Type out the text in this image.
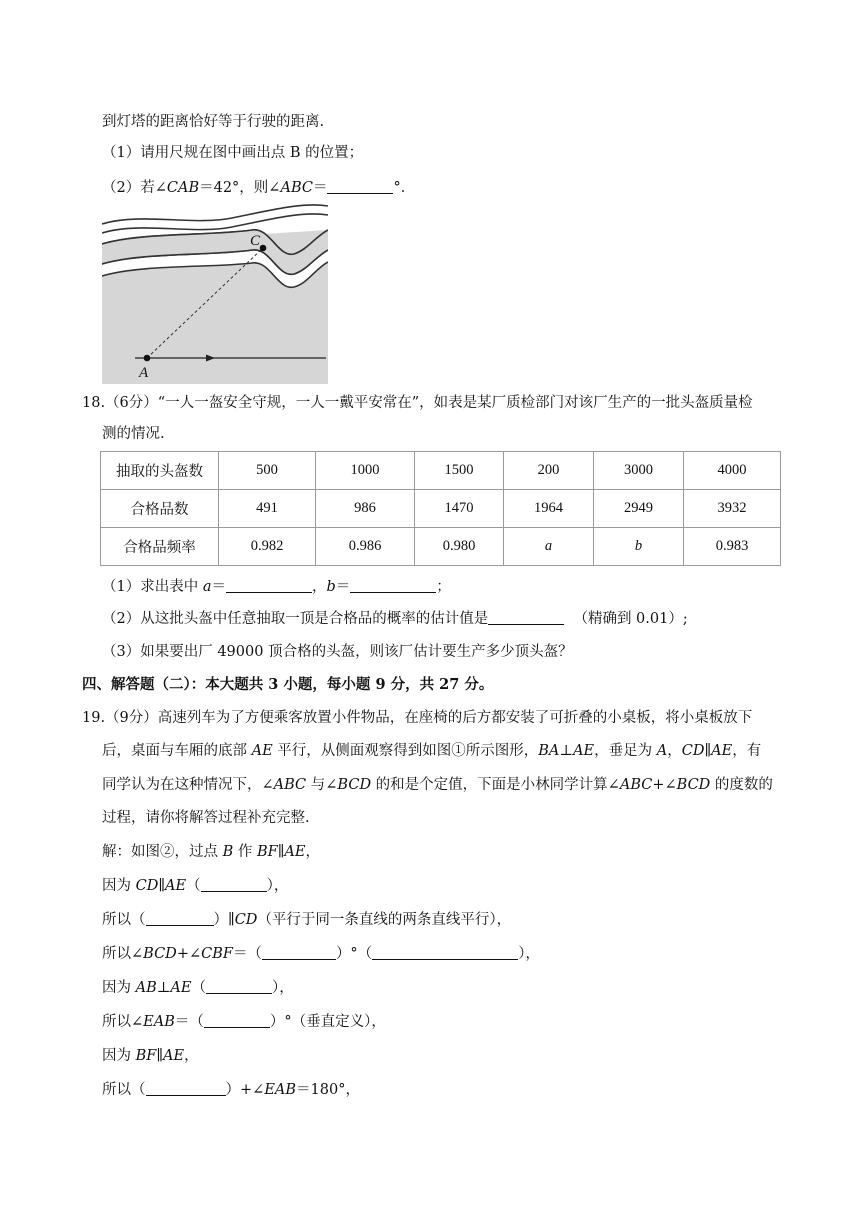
到灯塔的距离恰好等于行驶的距离.
（1）请用尺规在图中画出点 B 的位置；
（2）若∠CAB＝42°，则∠ABC＝	°．
C
A
18.（6分）“一人一盔安全守规，一人一戴平安常在”，如表是某厂质检部门对该厂生产的一批头盔质量检
测的情况.
抽取的头盔数	500	1000	1500	200	3000	4000
合格品数	491	986	1470	1964	2949	3932
合格品频率	0.982	0.986	0.980	a	b	0.983
（1）求出表中 a＝	，b＝	；
（2）从这批头盔中任意抽取一顶是合格品的概率的估计值是	（精确到 0.01）;
（3）如果要出厂 49000 顶合格的头盔，则该厂估计要生产多少顶头盔？
四、解答题（二）：本大题共 3 小题，每小题 9 分，共 27 分。
19.（9分）高速列车为了方便乘客放置小件物品，在座椅的后方都安装了可折叠的小桌板，将小桌板放下
后，桌面与车厢的底部 AE 平行，从侧面观察得到如图①所示图形，BA⊥AE，垂足为 A，CD∥AE，有
同学认为在这种情况下，∠ABC 与∠BCD 的和是个定值，下面是小林同学计算∠ABC+∠BCD 的度数的
过程，请你将解答过程补充完整.
解：如图②，过点 B 作 BF∥AE，
因为 CD∥AE（	），
所以（	）∥CD（平行于同一条直线的两条直线平行），
所以∠BCD+∠CBF＝（	）°（	），
因为 AB⊥AE（	），
所以∠EAB＝（	）°（垂直定义），
因为 BF∥AE，
所以（	）+∠EAB＝180°，
